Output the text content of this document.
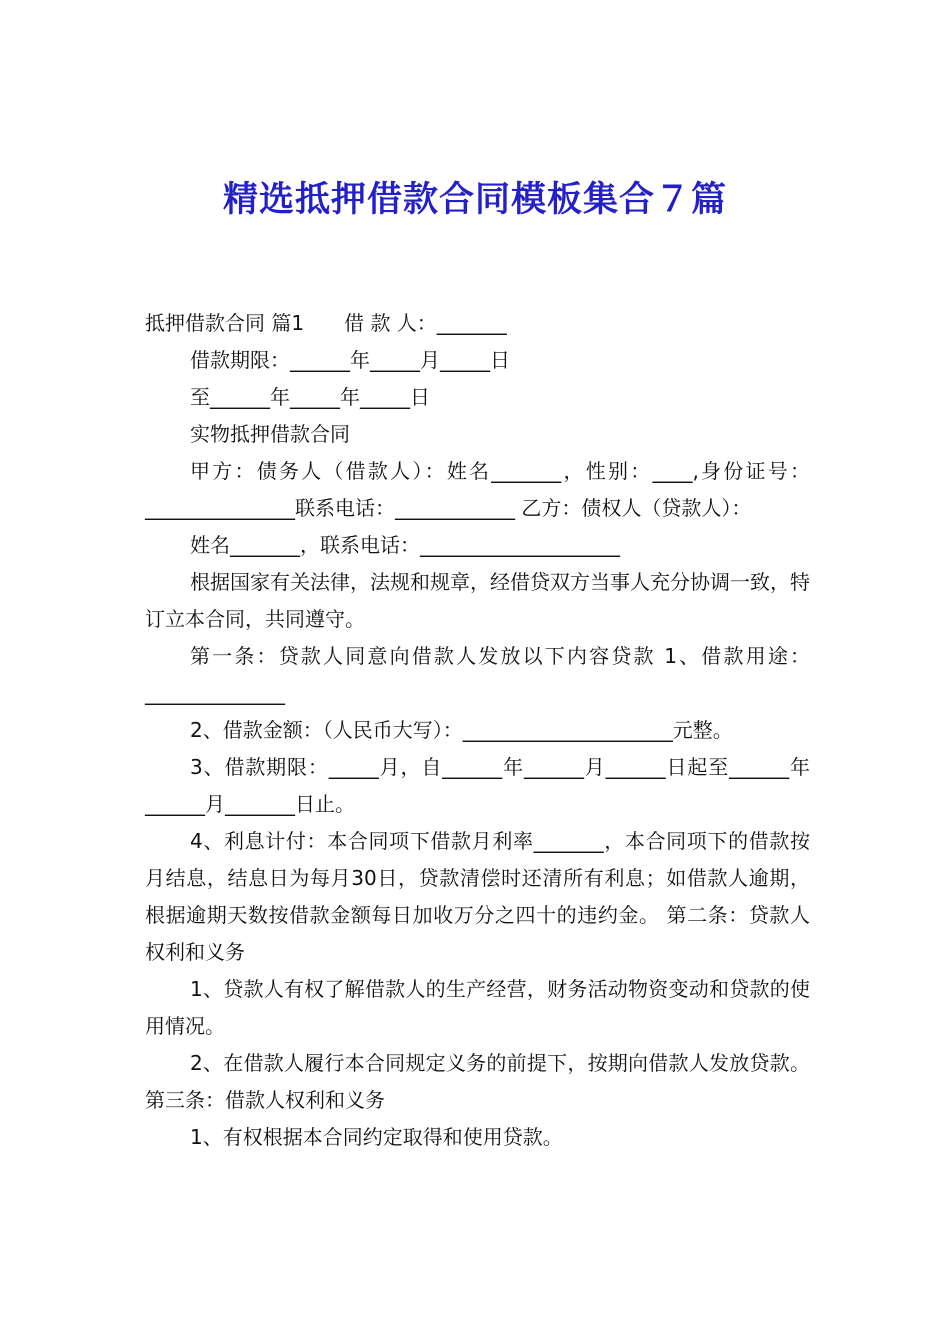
精选抵押借款合同模板集合７篇

抵押借款合同 篇1　　借 款 人：_______

借款期限：______年_____月_____日

至______年_____年_____日

实物抵押借款合同

甲方：债务人（借款人）：姓名_______，性别：____,身份证号：_______________联系电话：____________ 乙方：债权人（贷款人）：

姓名_______，联系电话：____________________

根据国家有关法律，法规和规章，经借贷双方当事人充分协调一致，特订立本合同，共同遵守。

第一条：贷款人同意向借款人发放以下内容贷款 1、借款用途：______________

2、借款金额：（人民币大写）：_____________________元整。

3、借款期限：_____月，自______年______月______日起至______年______月_______日止。

4、利息计付：本合同项下借款月利率_______，本合同项下的借款按月结息，结息日为每月30日，贷款清偿时还清所有利息；如借款人逾期，根据逾期天数按借款金额每日加收万分之四十的违约金。 第二条：贷款人权利和义务

1、贷款人有权了解借款人的生产经营，财务活动物资变动和贷款的使用情况。

2、在借款人履行本合同规定义务的前提下，按期向借款人发放贷款。 第三条：借款人权利和义务

1、有权根据本合同约定取得和使用贷款。
